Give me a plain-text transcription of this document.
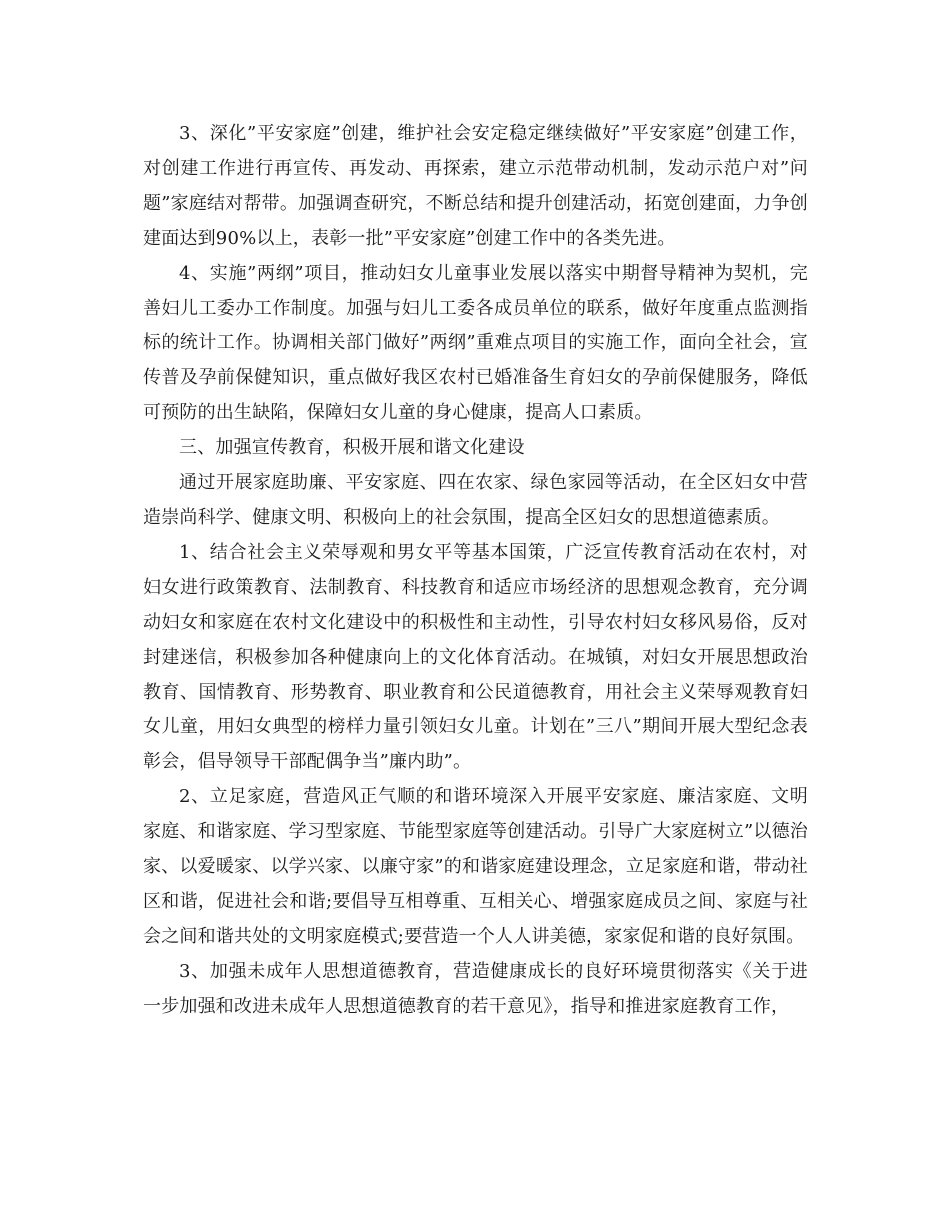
3、深化”平安家庭”创建，维护社会安定稳定继续做好”平安家庭”创建工作，对创建工作进行再宣传、再发动、再探索，建立示范带动机制，发动示范户对”问题”家庭结对帮带。加强调查研究，不断总结和提升创建活动，拓宽创建面，力争创建面达到90%以上，表彰一批”平安家庭”创建工作中的各类先进。

4、实施”两纲”项目，推动妇女儿童事业发展以落实中期督导精神为契机，完善妇儿工委办工作制度。加强与妇儿工委各成员单位的联系，做好年度重点监测指标的统计工作。协调相关部门做好”两纲”重难点项目的实施工作，面向全社会，宣传普及孕前保健知识，重点做好我区农村已婚准备生育妇女的孕前保健服务，降低可预防的出生缺陷，保障妇女儿童的身心健康，提高人口素质。

三、加强宣传教育，积极开展和谐文化建设

通过开展家庭助廉、平安家庭、四在农家、绿色家园等活动，在全区妇女中营造崇尚科学、健康文明、积极向上的社会氛围，提高全区妇女的思想道德素质。

1、结合社会主义荣辱观和男女平等基本国策，广泛宣传教育活动在农村，对妇女进行政策教育、法制教育、科技教育和适应市场经济的思想观念教育，充分调动妇女和家庭在农村文化建设中的积极性和主动性，引导农村妇女移风易俗，反对封建迷信，积极参加各种健康向上的文化体育活动。在城镇，对妇女开展思想政治教育、国情教育、形势教育、职业教育和公民道德教育，用社会主义荣辱观教育妇女儿童，用妇女典型的榜样力量引领妇女儿童。计划在”三八”期间开展大型纪念表彰会，倡导领导干部配偶争当”廉内助”。

2、立足家庭，营造风正气顺的和谐环境深入开展平安家庭、廉洁家庭、文明家庭、和谐家庭、学习型家庭、节能型家庭等创建活动。引导广大家庭树立”以德治家、以爱暖家、以学兴家、以廉守家”的和谐家庭建设理念，立足家庭和谐，带动社区和谐，促进社会和谐;要倡导互相尊重、互相关心、增强家庭成员之间、家庭与社会之间和谐共处的文明家庭模式;要营造一个人人讲美德，家家促和谐的良好氛围。

3、加强未成年人思想道德教育，营造健康成长的良好环境贯彻落实《关于进一步加强和改进未成年人思想道德教育的若干意见》，指导和推进家庭教育工作，
